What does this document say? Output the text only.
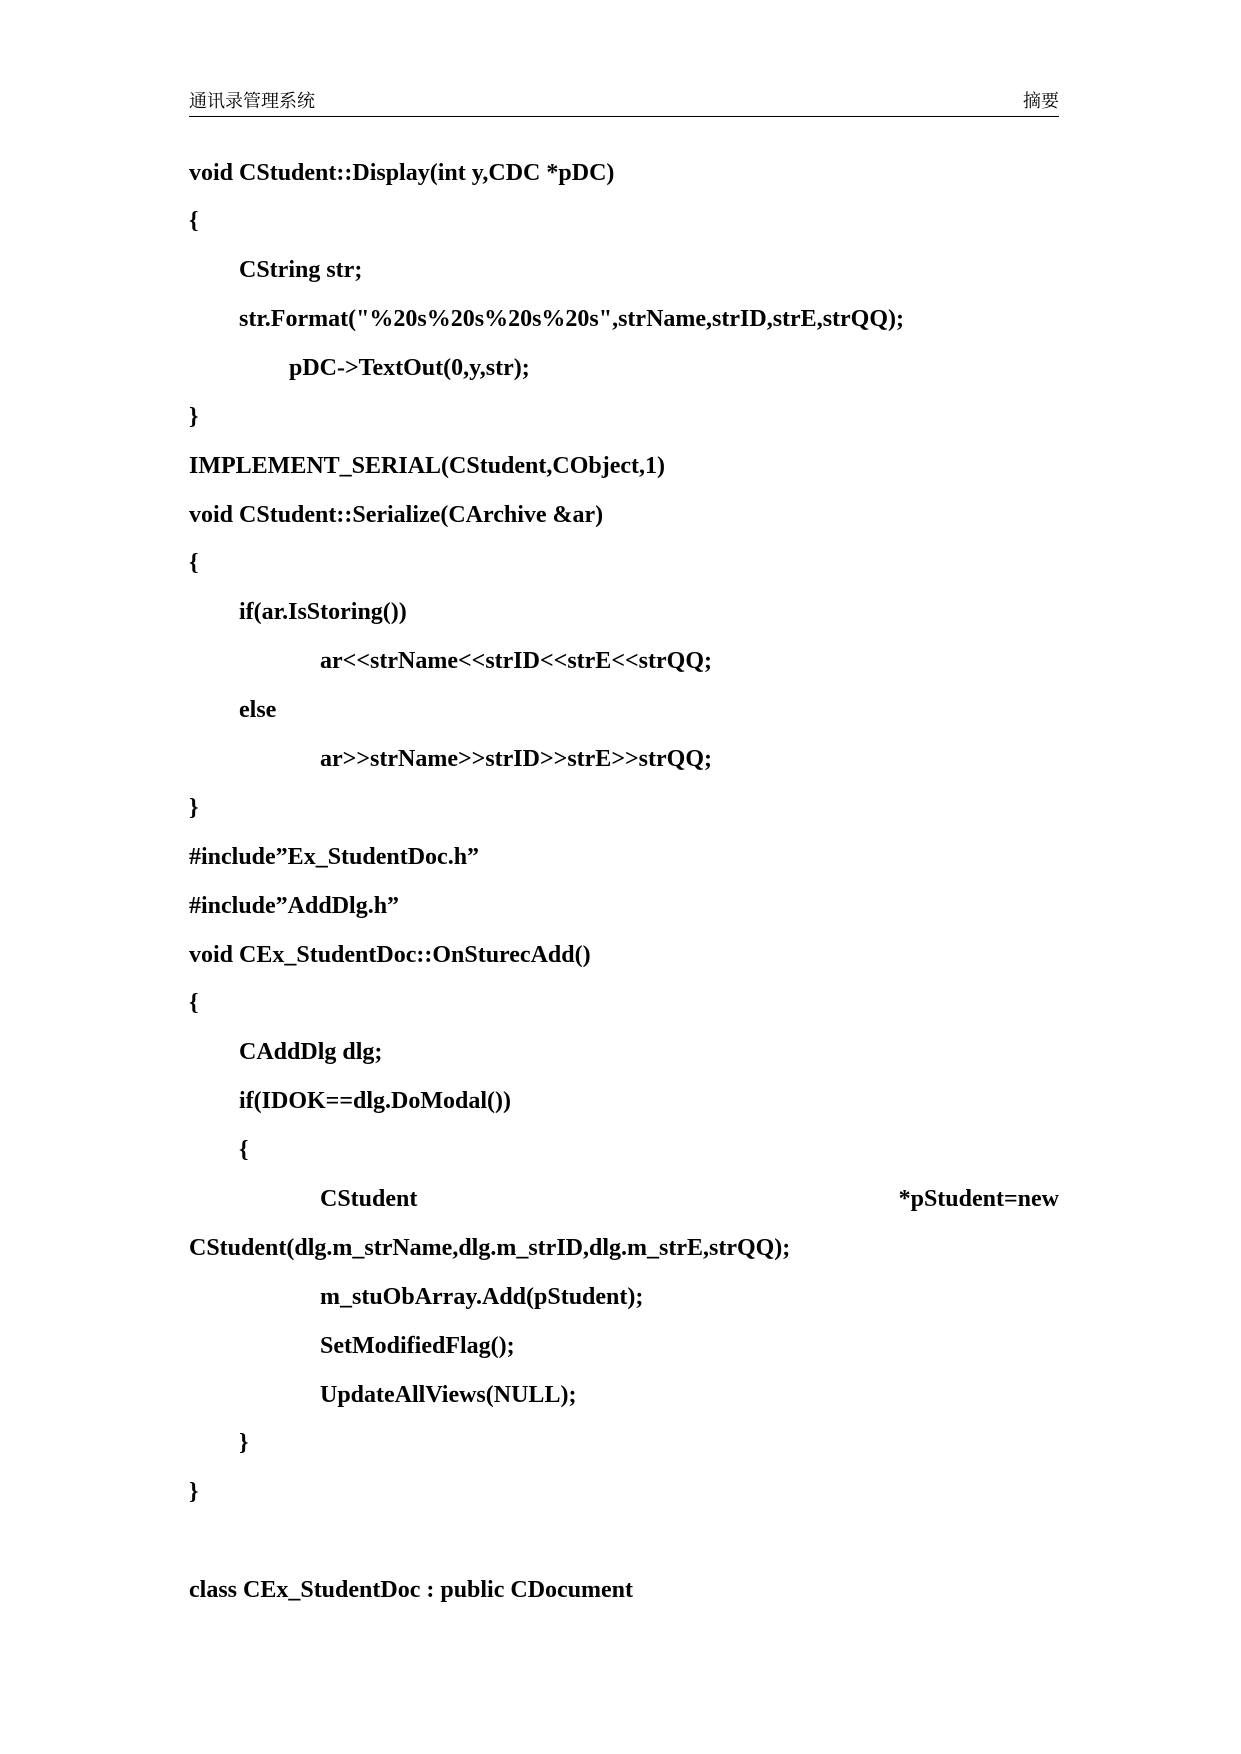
通讯录管理系统	摘要
void CStudent::Display(int y,CDC *pDC)
{
CString str;
str.Format("%20s%20s%20s%20s",strName,strID,strE,strQQ);
pDC->TextOut(0,y,str);
}
IMPLEMENT_SERIAL(CStudent,CObject,1)
void CStudent::Serialize(CArchive &ar)
{
if(ar.IsStoring())
ar<<strName<<strID<<strE<<strQQ;
else
ar>>strName>>strID>>strE>>strQQ;
}
#include”Ex_StudentDoc.h”
#include”AddDlg.h”
void CEx_StudentDoc::OnSturecAdd()
{
CAddDlg dlg;
if(IDOK==dlg.DoModal())
{
CStudent	*pStudent=new
CStudent(dlg.m_strName,dlg.m_strID,dlg.m_strE,strQQ);
m_stuObArray.Add(pStudent);
SetModifiedFlag();
UpdateAllViews(NULL);
}
}
class CEx_StudentDoc : public CDocument
